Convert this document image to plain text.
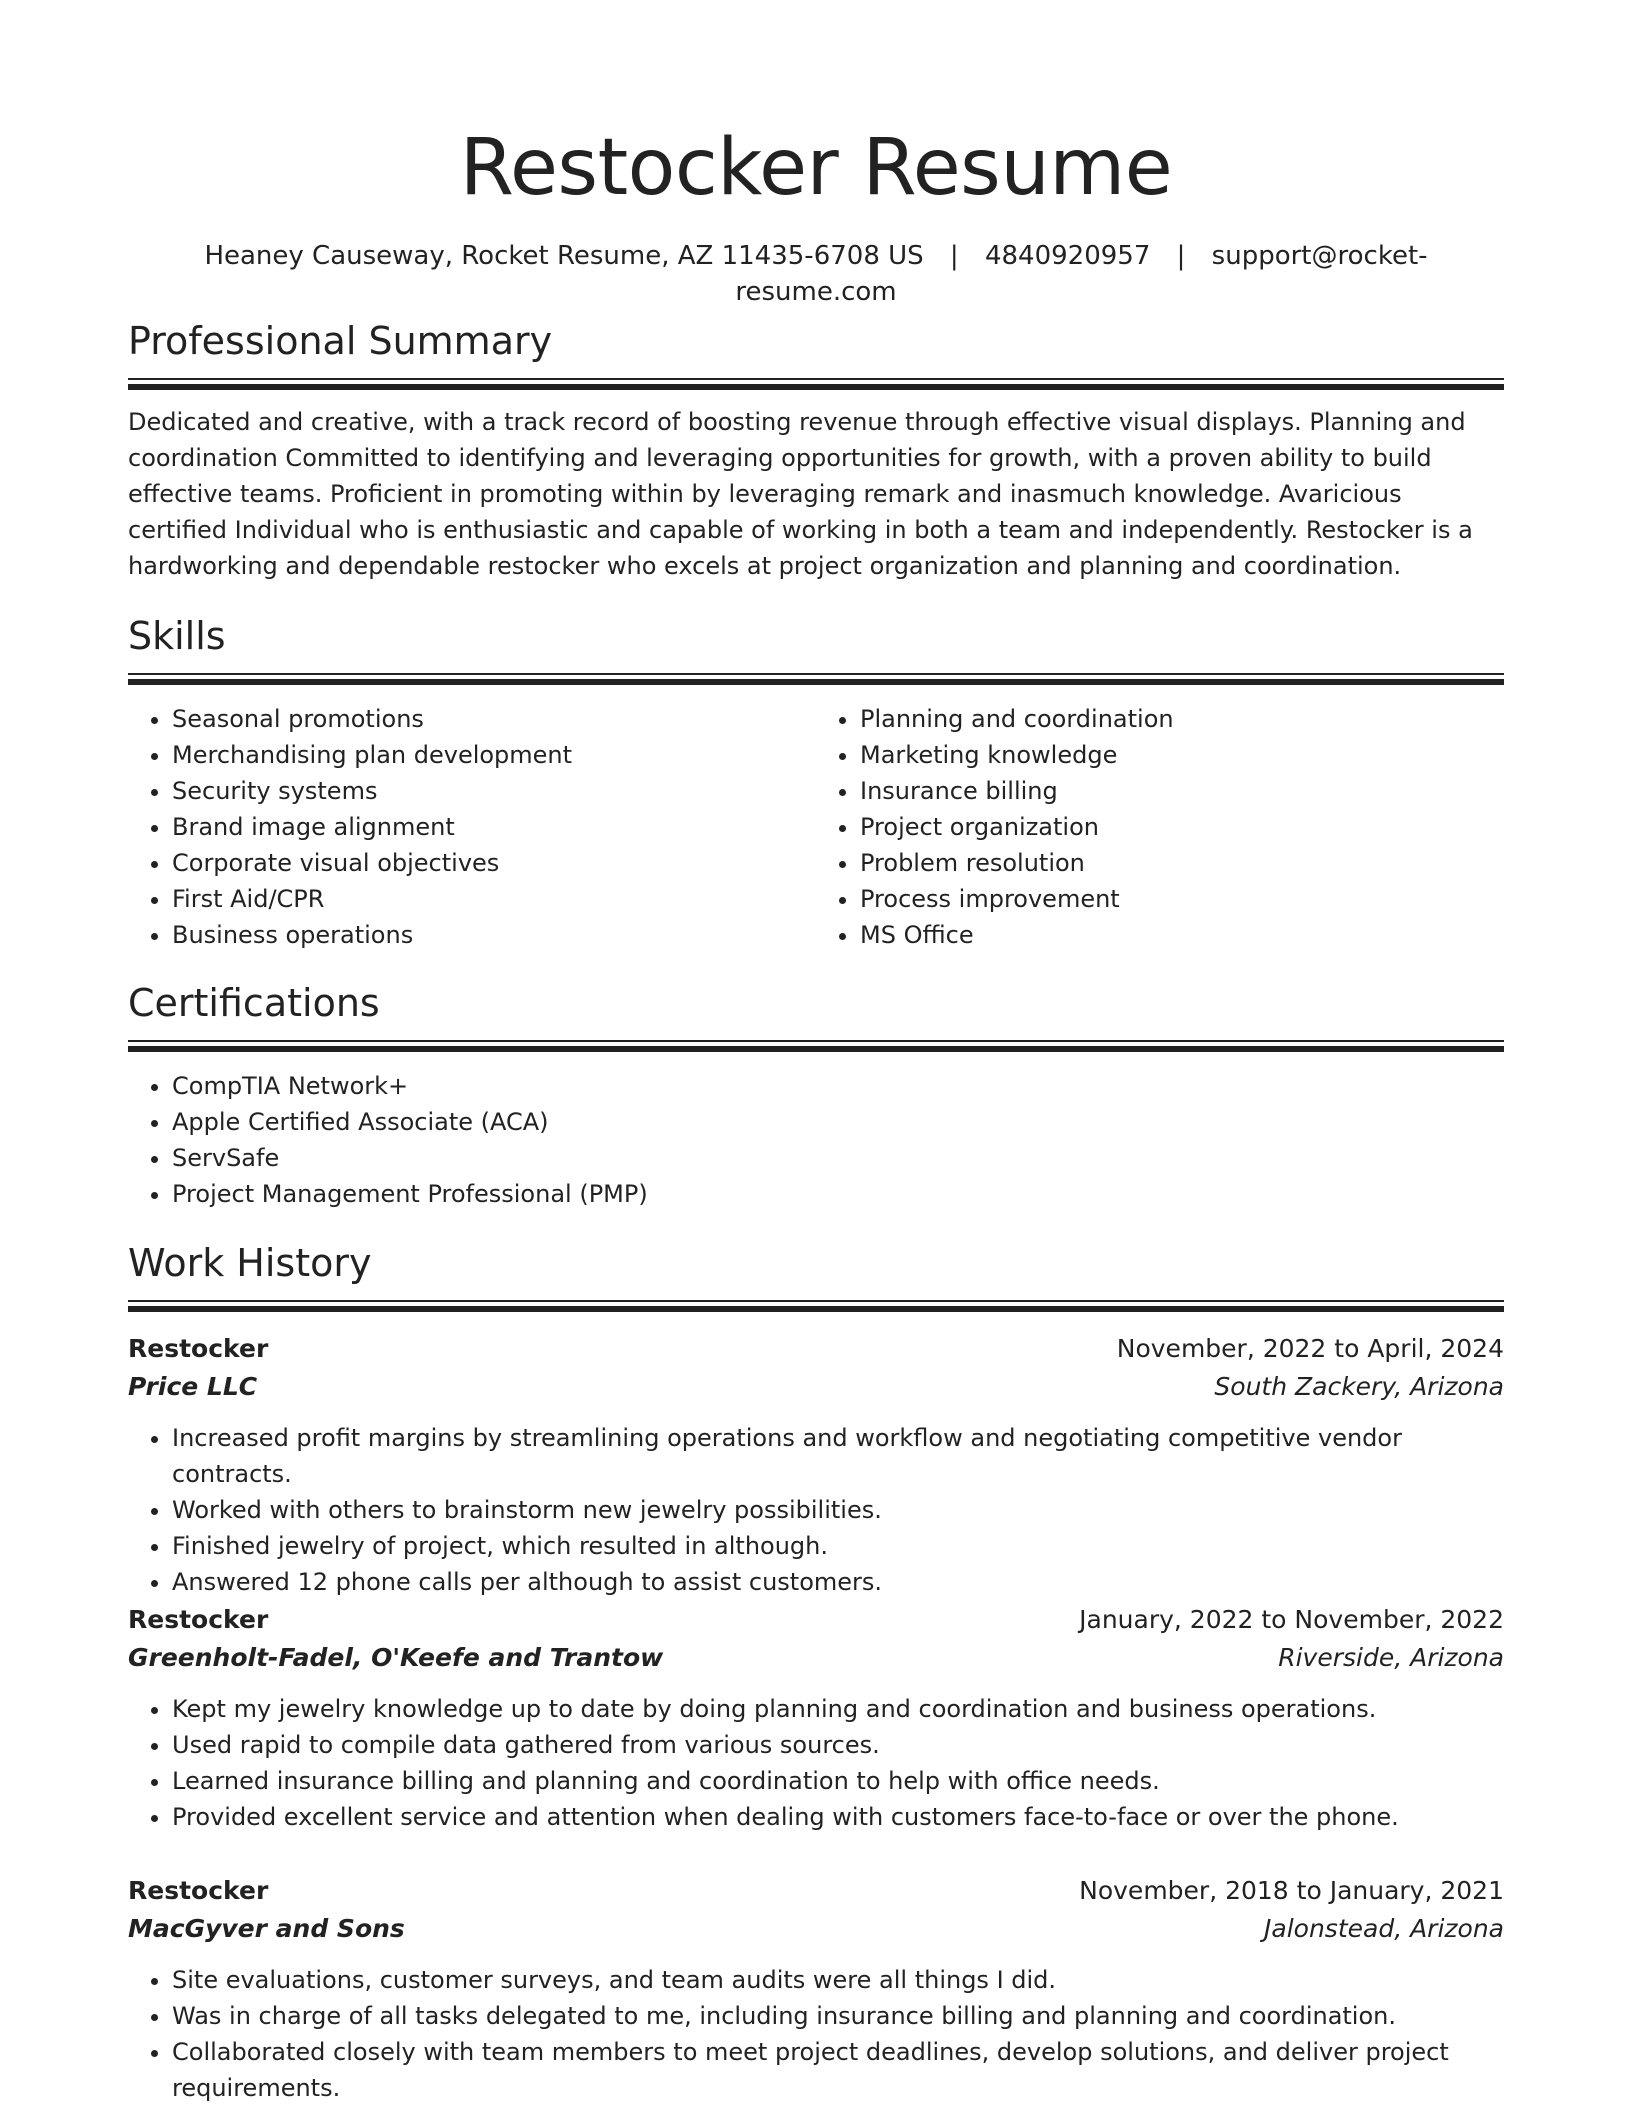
Restocker Resume
Heaney Causeway, Rocket Resume, AZ 11435-6708 US | 4840920957 | support@rocket-resume.com
Professional Summary

Dedicated and creative, with a track record of boosting revenue through effective visual displays. Planning and coordination Committed to identifying and leveraging opportunities for growth, with a proven ability to build effective teams. Proficient in promoting within by leveraging remark and inasmuch knowledge. Avaricious certified Individual who is enthusiastic and capable of working in both a team and independently. Restocker is a hardworking and dependable restocker who excels at project organization and planning and coordination.

Skills
• Seasonal promotions
• Merchandising plan development
• Security systems
• Brand image alignment
• Corporate visual objectives
• First Aid/CPR
• Business operations
• Planning and coordination
• Marketing knowledge
• Insurance billing
• Project organization
• Problem resolution
• Process improvement
• MS Office
Certifications
• CompTIA Network+
• Apple Certified Associate (ACA)
• ServSafe
• Project Management Professional (PMP)
Work History
Restocker	November, 2022 to April, 2024
Price LLC	South Zackery, Arizona
• Increased profit margins by streamlining operations and workflow and negotiating competitive vendor contracts.
• Worked with others to brainstorm new jewelry possibilities.
• Finished jewelry of project, which resulted in although.
• Answered 12 phone calls per although to assist customers.
Restocker	January, 2022 to November, 2022
Greenholt-Fadel, O'Keefe and Trantow	Riverside, Arizona
• Kept my jewelry knowledge up to date by doing planning and coordination and business operations.
• Used rapid to compile data gathered from various sources.
• Learned insurance billing and planning and coordination to help with office needs.
• Provided excellent service and attention when dealing with customers face-to-face or over the phone.
Restocker	November, 2018 to January, 2021
MacGyver and Sons	Jalonstead, Arizona
• Site evaluations, customer surveys, and team audits were all things I did.
• Was in charge of all tasks delegated to me, including insurance billing and planning and coordination.
• Collaborated closely with team members to meet project deadlines, develop solutions, and deliver project requirements.
